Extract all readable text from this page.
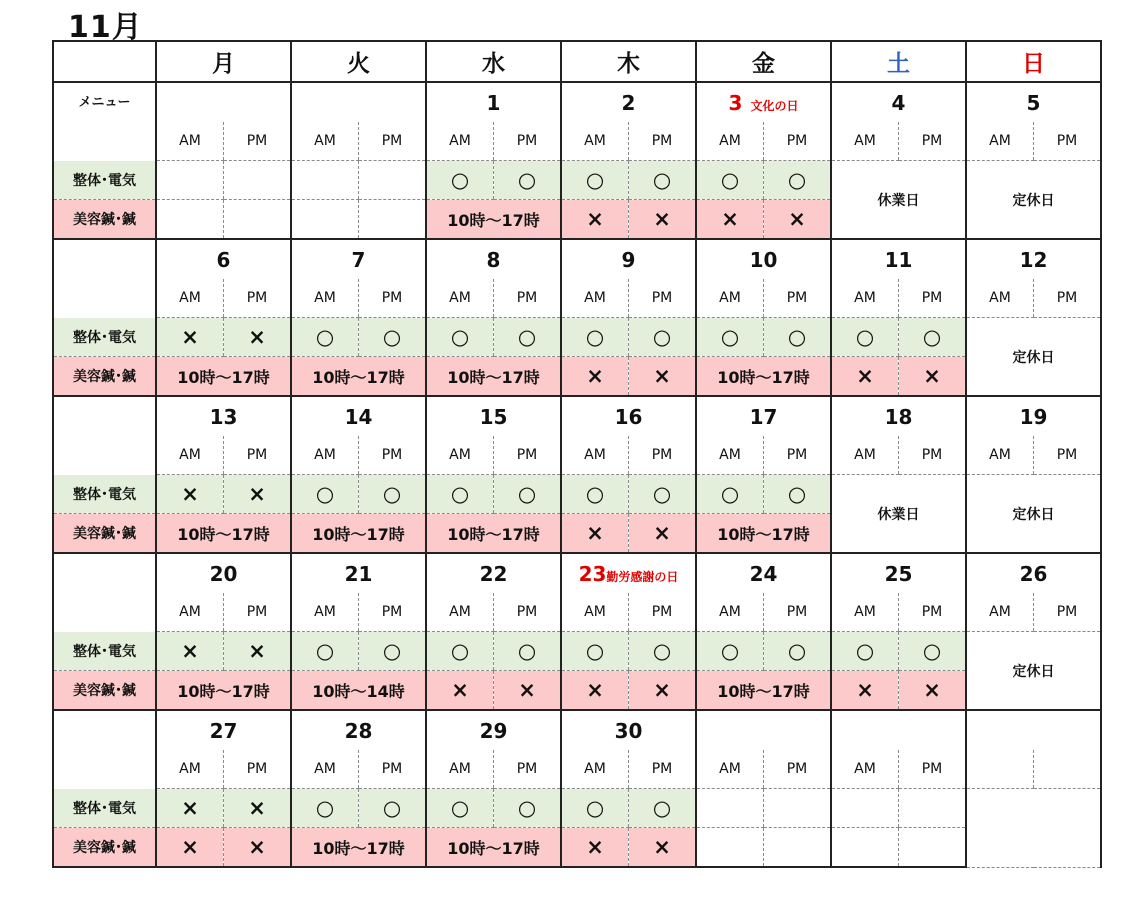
11月
	月		火		水		木		金		土		日	
メニュー					1		2		3 文化の日		4		5	
	AM	PM	AM	PM	AM	PM	AM	PM	AM	PM	AM	PM	AM	PM
整体･電気					○	○	○	○	○	○	休業日		定休日	
美容鍼･鍼					10時～17時		×	×	×	×				
	6		7		8		9		10		11		12	
	AM	PM	AM	PM	AM	PM	AM	PM	AM	PM	AM	PM	AM	PM
整体･電気	×	×	○	○	○	○	○	○	○	○	○	○	定休日	
美容鍼･鍼	10時～17時		10時～17時		10時～17時		×	×	10時～17時		×	×		
	13		14		15		16		17		18		19	
	AM	PM	AM	PM	AM	PM	AM	PM	AM	PM	AM	PM	AM	PM
整体･電気	×	×	○	○	○	○	○	○	○	○	休業日		定休日	
美容鍼･鍼	10時～17時		10時～17時		10時～17時		×	×	10時～17時					
	20		21		22		23 勤労感謝の日		24		25		26	
	AM	PM	AM	PM	AM	PM	AM	PM	AM	PM	AM	PM	AM	PM
整体･電気	×	×	○	○	○	○	○	○	○	○	○	○	定休日	
美容鍼･鍼	10時～17時		10時～14時		×	×	×	×	10時～17時		×	×		
	27		28		29		30							
	AM	PM	AM	PM	AM	PM	AM	PM	AM	PM	AM	PM		
整体･電気	×	×	○	○	○	○	○	○						
美容鍼･鍼	×	×	10時～17時		10時～17時		×	×						
